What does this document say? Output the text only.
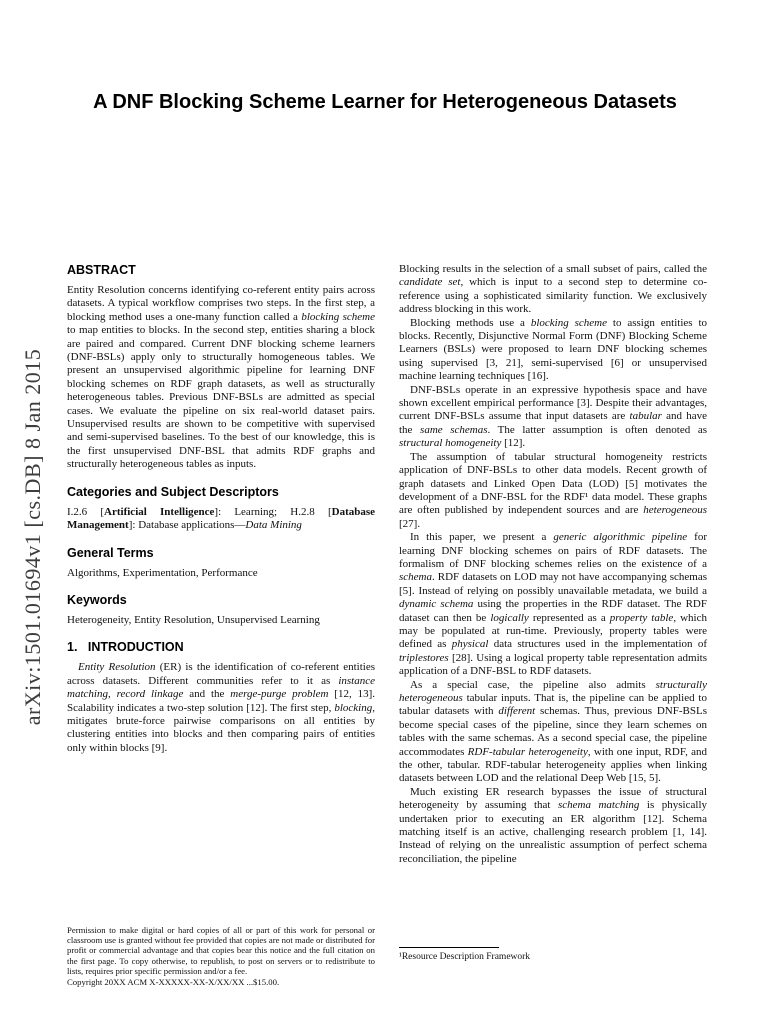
arXiv:1501.01694v1 [cs.DB] 8 Jan 2015
A DNF Blocking Scheme Learner for Heterogeneous Datasets
ABSTRACT

Entity Resolution concerns identifying co-referent entity pairs across datasets. A typical workflow comprises two steps. In the first step, a blocking method uses a one-many function called a blocking scheme to map entities to blocks. In the second step, entities sharing a block are paired and compared. Current DNF blocking scheme learners (DNF-BSLs) apply only to structurally homogeneous tables. We present an unsupervised algorithmic pipeline for learning DNF blocking schemes on RDF graph datasets, as well as structurally heterogeneous tables. Previous DNF-BSLs are admitted as special cases. We evaluate the pipeline on six real-world dataset pairs. Unsupervised results are shown to be competitive with supervised and semi-supervised baselines. To the best of our knowledge, this is the first unsupervised DNF-BSL that admits RDF graphs and structurally heterogeneous tables as inputs.

Categories and Subject Descriptors

I.2.6 [Artificial Intelligence]: Learning; H.2.8 [Database Management]: Database applications—Data Mining

General Terms

Algorithms, Experimentation, Performance

Keywords

Heterogeneity, Entity Resolution, Unsupervised Learning

1.   INTRODUCTION

Entity Resolution (ER) is the identification of co-referent entities across datasets. Different communities refer to it as instance matching, record linkage and the merge-purge problem [12, 13]. Scalability indicates a two-step solution [12]. The first step, blocking, mitigates brute-force pairwise comparisons on all entities by clustering entities into blocks and then comparing pairs of entities only within blocks [9].

Permission to make digital or hard copies of all or part of this work for personal or classroom use is granted without fee provided that copies are not made or distributed for profit or commercial advantage and that copies bear this notice and the full citation on the first page. To copy otherwise, to republish, to post on servers or to redistribute to lists, requires prior specific permission and/or a fee.

Copyright 20XX ACM X-XXXXX-XX-X/XX/XX ...$15.00.

Blocking results in the selection of a small subset of pairs, called the candidate set, which is input to a second step to determine co-reference using a sophisticated similarity function. We exclusively address blocking in this work.

Blocking methods use a blocking scheme to assign entities to blocks. Recently, Disjunctive Normal Form (DNF) Blocking Scheme Learners (BSLs) were proposed to learn DNF blocking schemes using supervised [3, 21], semi-supervised [6] or unsupervised machine learning techniques [16].

DNF-BSLs operate in an expressive hypothesis space and have shown excellent empirical performance [3]. Despite their advantages, current DNF-BSLs assume that input datasets are tabular and have the same schemas. The latter assumption is often denoted as structural homogeneity [12].

The assumption of tabular structural homogeneity restricts application of DNF-BSLs to other data models. Recent growth of graph datasets and Linked Open Data (LOD) [5] motivates the development of a DNF-BSL for the RDF¹ data model. These graphs are often published by independent sources and are heterogeneous [27].

In this paper, we present a generic algorithmic pipeline for learning DNF blocking schemes on pairs of RDF datasets. The formalism of DNF blocking schemes relies on the existence of a schema. RDF datasets on LOD may not have accompanying schemas [5]. Instead of relying on possibly unavailable metadata, we build a dynamic schema using the properties in the RDF dataset. The RDF dataset can then be logically represented as a property table, which may be populated at run-time. Previously, property tables were defined as physical data structures used in the implementation of triplestores [28]. Using a logical property table representation admits application of a DNF-BSL to RDF datasets.

As a special case, the pipeline also admits structurally heterogeneous tabular inputs. That is, the pipeline can be applied to tabular datasets with different schemas. Thus, previous DNF-BSLs become special cases of the pipeline, since they learn schemes on tables with the same schemas. As a second special case, the pipeline accommodates RDF-tabular heterogeneity, with one input, RDF, and the other, tabular. RDF-tabular heterogeneity applies when linking datasets between LOD and the relational Deep Web [15, 5].

Much existing ER research bypasses the issue of structural heterogeneity by assuming that schema matching is physically undertaken prior to executing an ER algorithm [12]. Schema matching itself is an active, challenging research problem [1, 14]. Instead of relying on the unrealistic assumption of perfect schema reconciliation, the pipeline

¹Resource Description Framework
